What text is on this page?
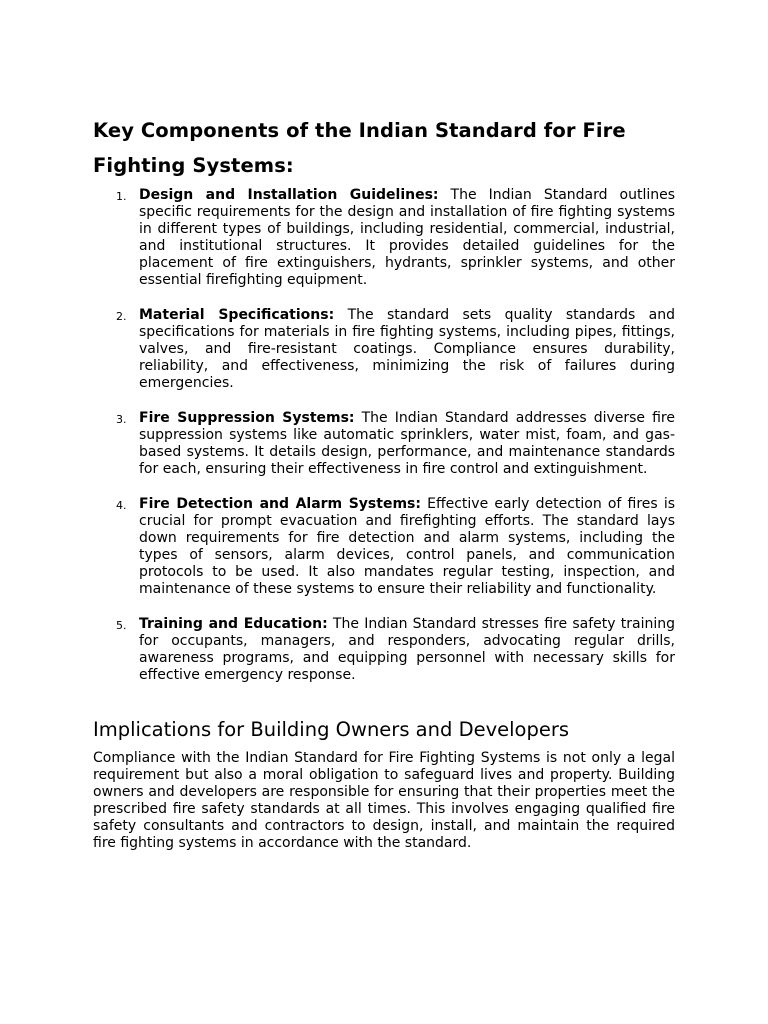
Key Components of the Indian Standard for Fire Fighting Systems:
1. Design and Installation Guidelines: The Indian Standard outlines specific requirements for the design and installation of fire fighting systems in different types of buildings, including residential, commercial, industrial, and institutional structures. It provides detailed guidelines for the placement of fire extinguishers, hydrants, sprinkler systems, and other essential firefighting equipment.
2. Material Specifications: The standard sets quality standards and specifications for materials in fire fighting systems, including pipes, fittings, valves, and fire-resistant coatings. Compliance ensures durability, reliability, and effectiveness, minimizing the risk of failures during emergencies.
3. Fire Suppression Systems: The Indian Standard addresses diverse fire suppression systems like automatic sprinklers, water mist, foam, and gas-based systems. It details design, performance, and maintenance standards for each, ensuring their effectiveness in fire control and extinguishment.
4. Fire Detection and Alarm Systems: Effective early detection of fires is crucial for prompt evacuation and firefighting efforts. The standard lays down requirements for fire detection and alarm systems, including the types of sensors, alarm devices, control panels, and communication protocols to be used. It also mandates regular testing, inspection, and maintenance of these systems to ensure their reliability and functionality.
5. Training and Education: The Indian Standard stresses fire safety training for occupants, managers, and responders, advocating regular drills, awareness programs, and equipping personnel with necessary skills for effective emergency response.
Implications for Building Owners and Developers

Compliance with the Indian Standard for Fire Fighting Systems is not only a legal requirement but also a moral obligation to safeguard lives and property. Building owners and developers are responsible for ensuring that their properties meet the prescribed fire safety standards at all times. This involves engaging qualified fire safety consultants and contractors to design, install, and maintain the required fire fighting systems in accordance with the standard.
